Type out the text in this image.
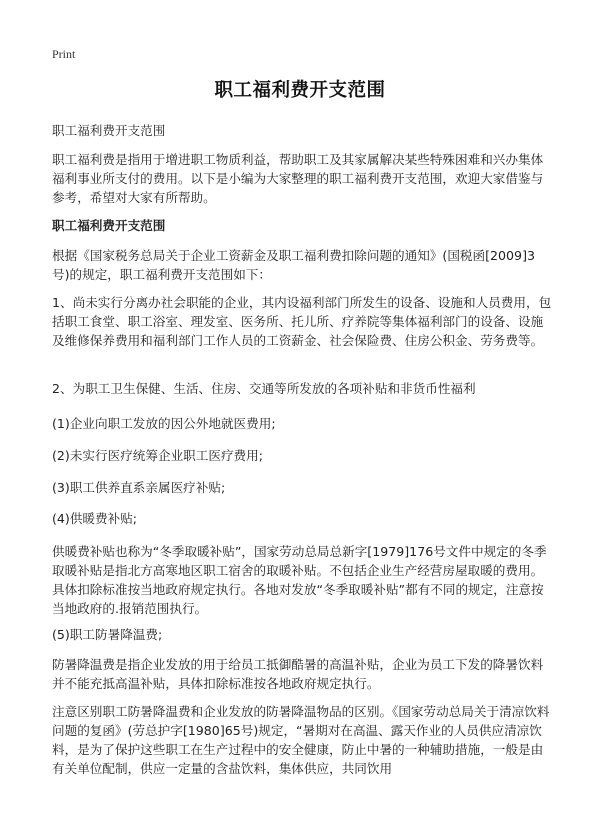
Print
职工福利费开支范围

职工福利费开支范围

职工福利费是指用于增进职工物质利益，帮助职工及其家属解决某些特殊困难和兴办集体福利事业所支付的费用。以下是小编为大家整理的职工福利费开支范围，欢迎大家借鉴与参考，希望对大家有所帮助。

职工福利费开支范围

根据《国家税务总局关于企业工资薪金及职工福利费扣除问题的通知》(国税函[2009]3号)的规定，职工福利费开支范围如下：

1、尚未实行分离办社会职能的企业，其内设福利部门所发生的设备、设施和人员费用，包括职工食堂、职工浴室、理发室、医务所、托儿所、疗养院等集体福利部门的设备、设施及维修保养费用和福利部门工作人员的工资薪金、社会保险费、住房公积金、劳务费等。

2、为职工卫生保健、生活、住房、交通等所发放的各项补贴和非货币性福利

(1)企业向职工发放的因公外地就医费用;

(2)未实行医疗统筹企业职工医疗费用;

(3)职工供养直系亲属医疗补贴;

(4)供暖费补贴;

供暖费补贴也称为“冬季取暖补贴”，国家劳动总局总新字[1979]176号文件中规定的冬季取暖补贴是指北方高寒地区职工宿舍的取暖补贴。不包括企业生产经营房屋取暖的费用。具体扣除标准按当地政府规定执行。各地对发放“冬季取暖补贴”都有不同的规定，注意按当地政府的.报销范围执行。

(5)职工防暑降温费;

防暑降温费是指企业发放的用于给员工抵御酷暑的高温补贴，企业为员工下发的降暑饮料并不能充抵高温补贴，具体扣除标准按各地政府规定执行。

注意区别职工防暑降温费和企业发放的防暑降温物品的区别。《国家劳动总局关于清凉饮料问题的复函》(劳总护字[1980]65号)规定，“暑期对在高温、露天作业的人员供应清凉饮料，是为了保护这些职工在生产过程中的安全健康，防止中暑的一种辅助措施，一般是由有关单位配制，供应一定量的含盐饮料，集体供应，共同饮用
